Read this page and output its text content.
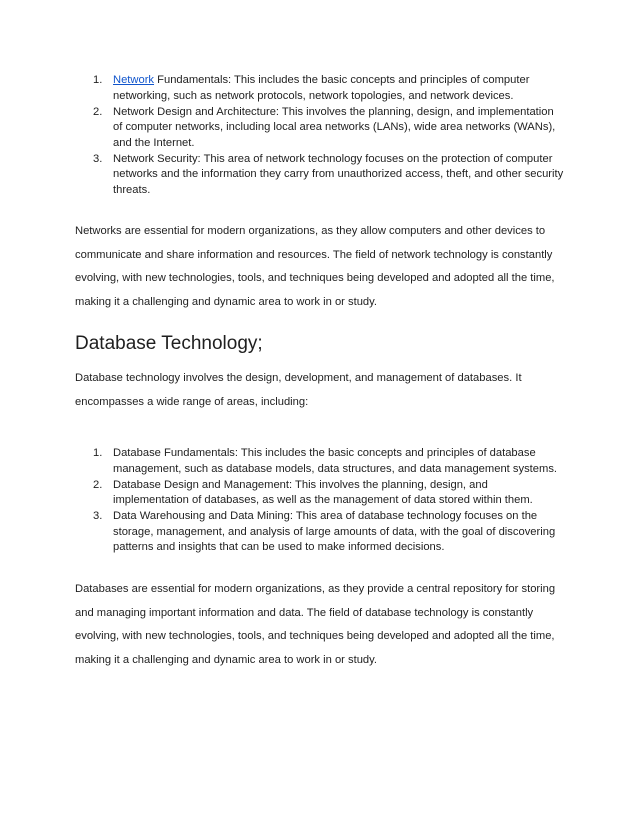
1. Network Fundamentals: This includes the basic concepts and principles of computer networking, such as network protocols, network topologies, and network devices.
2. Network Design and Architecture: This involves the planning, design, and implementation of computer networks, including local area networks (LANs), wide area networks (WANs), and the Internet.
3. Network Security: This area of network technology focuses on the protection of computer networks and the information they carry from unauthorized access, theft, and other security threats.

Networks are essential for modern organizations, as they allow computers and other devices to communicate and share information and resources. The field of network technology is constantly evolving, with new technologies, tools, and techniques being developed and adopted all the time, making it a challenging and dynamic area to work in or study.

Database Technology;

Database technology involves the design, development, and management of databases. It encompasses a wide range of areas, including:

1. Database Fundamentals: This includes the basic concepts and principles of database management, such as database models, data structures, and data management systems.
2. Database Design and Management: This involves the planning, design, and implementation of databases, as well as the management of data stored within them.
3. Data Warehousing and Data Mining: This area of database technology focuses on the storage, management, and analysis of large amounts of data, with the goal of discovering patterns and insights that can be used to make informed decisions.

Databases are essential for modern organizations, as they provide a central repository for storing and managing important information and data. The field of database technology is constantly evolving, with new technologies, tools, and techniques being developed and adopted all the time, making it a challenging and dynamic area to work in or study.
